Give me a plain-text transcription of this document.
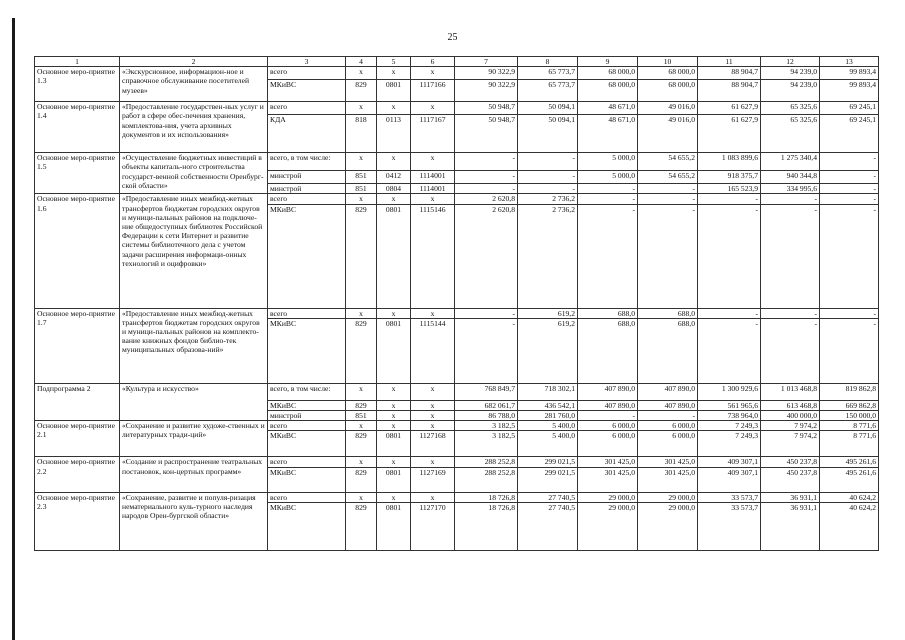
25
1	2	3	4	5	6	7	8	9	10	11	12	13
Основное меро-приятие 1.3	«Экскурсионное, информацион-ное и справочное обслуживание посетителей музеев»	всего	x	x	x	90 322,9	65 773,7	68 000,0	68 000,0	88 904,7	94 239,0	99 893,4
		МКиВС	829	0801	1117166	90 322,9	65 773,7	68 000,0	68 000,0	88 904,7	94 239,0	99 893,4
Основное меро-приятие 1.4	«Предоставление государствен-ных услуг и работ в сфере обес-печения хранения, комплектова-ния, учета архивных документов и их использования»	всего	x	x	x	50 948,7	50 094,1	48 671,0	49 016,0	61 627,9	65 325,6	69 245,1
		КДА	818	0113	1117167	50 948,7	50 094,1	48 671,0	49 016,0	61 627,9	65 325,6	69 245,1
Основное меро-приятие 1.5	«Осуществление бюджетных инвестиций в объекты капиталь-ного строительства государст-венной собственности Оренбург-ской области»	всего, в том числе:	x	x	x	-	-	5 000,0	54 655,2	1 083 899,6	1 275 340,4	-
		минстрой	851	0412	1114001	-	-	5 000,0	54 655,2	918 375,7	940 344,8	-
		минстрой	851	0804	1114001	-	-	-	-	165 523,9	334 995,6	-
Основное меро-приятие 1.6	«Предоставление иных межбюд-жетных трансфертов бюджетам городских округов и муници-пальных районов на подключе-ние общедоступных библиотек Российской Федерации к сети Интернет и развитие системы библиотечного дела с учетом задачи расширения информаци-онных технологий и оцифровки»	всего	x	x	x	2 620,8	2 736,2	-	-	-	-	-
		МКиВС	829	0801	1115146	2 620,8	2 736,2	-	-	-	-	-
Основное меро-приятие 1.7	«Предоставление иных межбюд-жетных трансфертов бюджетам городских округов и муници-пальных районов на комплекто-вание книжных фондов библио-тек муниципальных образова-ний»	всего	x	x	x	-	619,2	688,0	688,0	-	-	-
		МКиВС	829	0801	1115144	-	619,2	688,0	688,0	-	-	-
Подпрограмма 2	«Культура и искусство»	всего, в том числе:	x	x	x	768 849,7	718 302,1	407 890,0	407 890,0	1 300 929,6	1 013 468,8	819 862,8
		МКиВС	829	x	x	682 061,7	436 542,1	407 890,0	407 890,0	561 965,6	613 468,8	669 862,8
		минстрой	851	x	x	86 788,0	281 760,0	-	-	738 964,0	400 000,0	150 000,0
Основное меро-приятие 2.1	«Сохранение и развитие художе-ственных и литературных тради-ций»	всего	x	x	x	3 182,5	5 400,0	6 000,0	6 000,0	7 249,3	7 974,2	8 771,6
		МКиВС	829	0801	1127168	3 182,5	5 400,0	6 000,0	6 000,0	7 249,3	7 974,2	8 771,6
Основное меро-приятие 2.2	«Создание и распространение театральных постановок, кон-цертных программ»	всего	x	x	x	288 252,8	299 021,5	301 425,0	301 425,0	409 307,1	450 237,8	495 261,6
		МКиВС	829	0801	1127169	288 252,8	299 021,5	301 425,0	301 425,0	409 307,1	450 237,8	495 261,6
Основное меро-приятие 2.3	«Сохранение, развитие и популя-ризация нематериального куль-турного наследия народов Орен-бургской области»	всего	x	x	x	18 726,8	27 740,5	29 000,0	29 000,0	33 573,7	36 931,1	40 624,2
		МКиВС	829	0801	1127170	18 726,8	27 740,5	29 000,0	29 000,0	33 573,7	36 931,1	40 624,2
